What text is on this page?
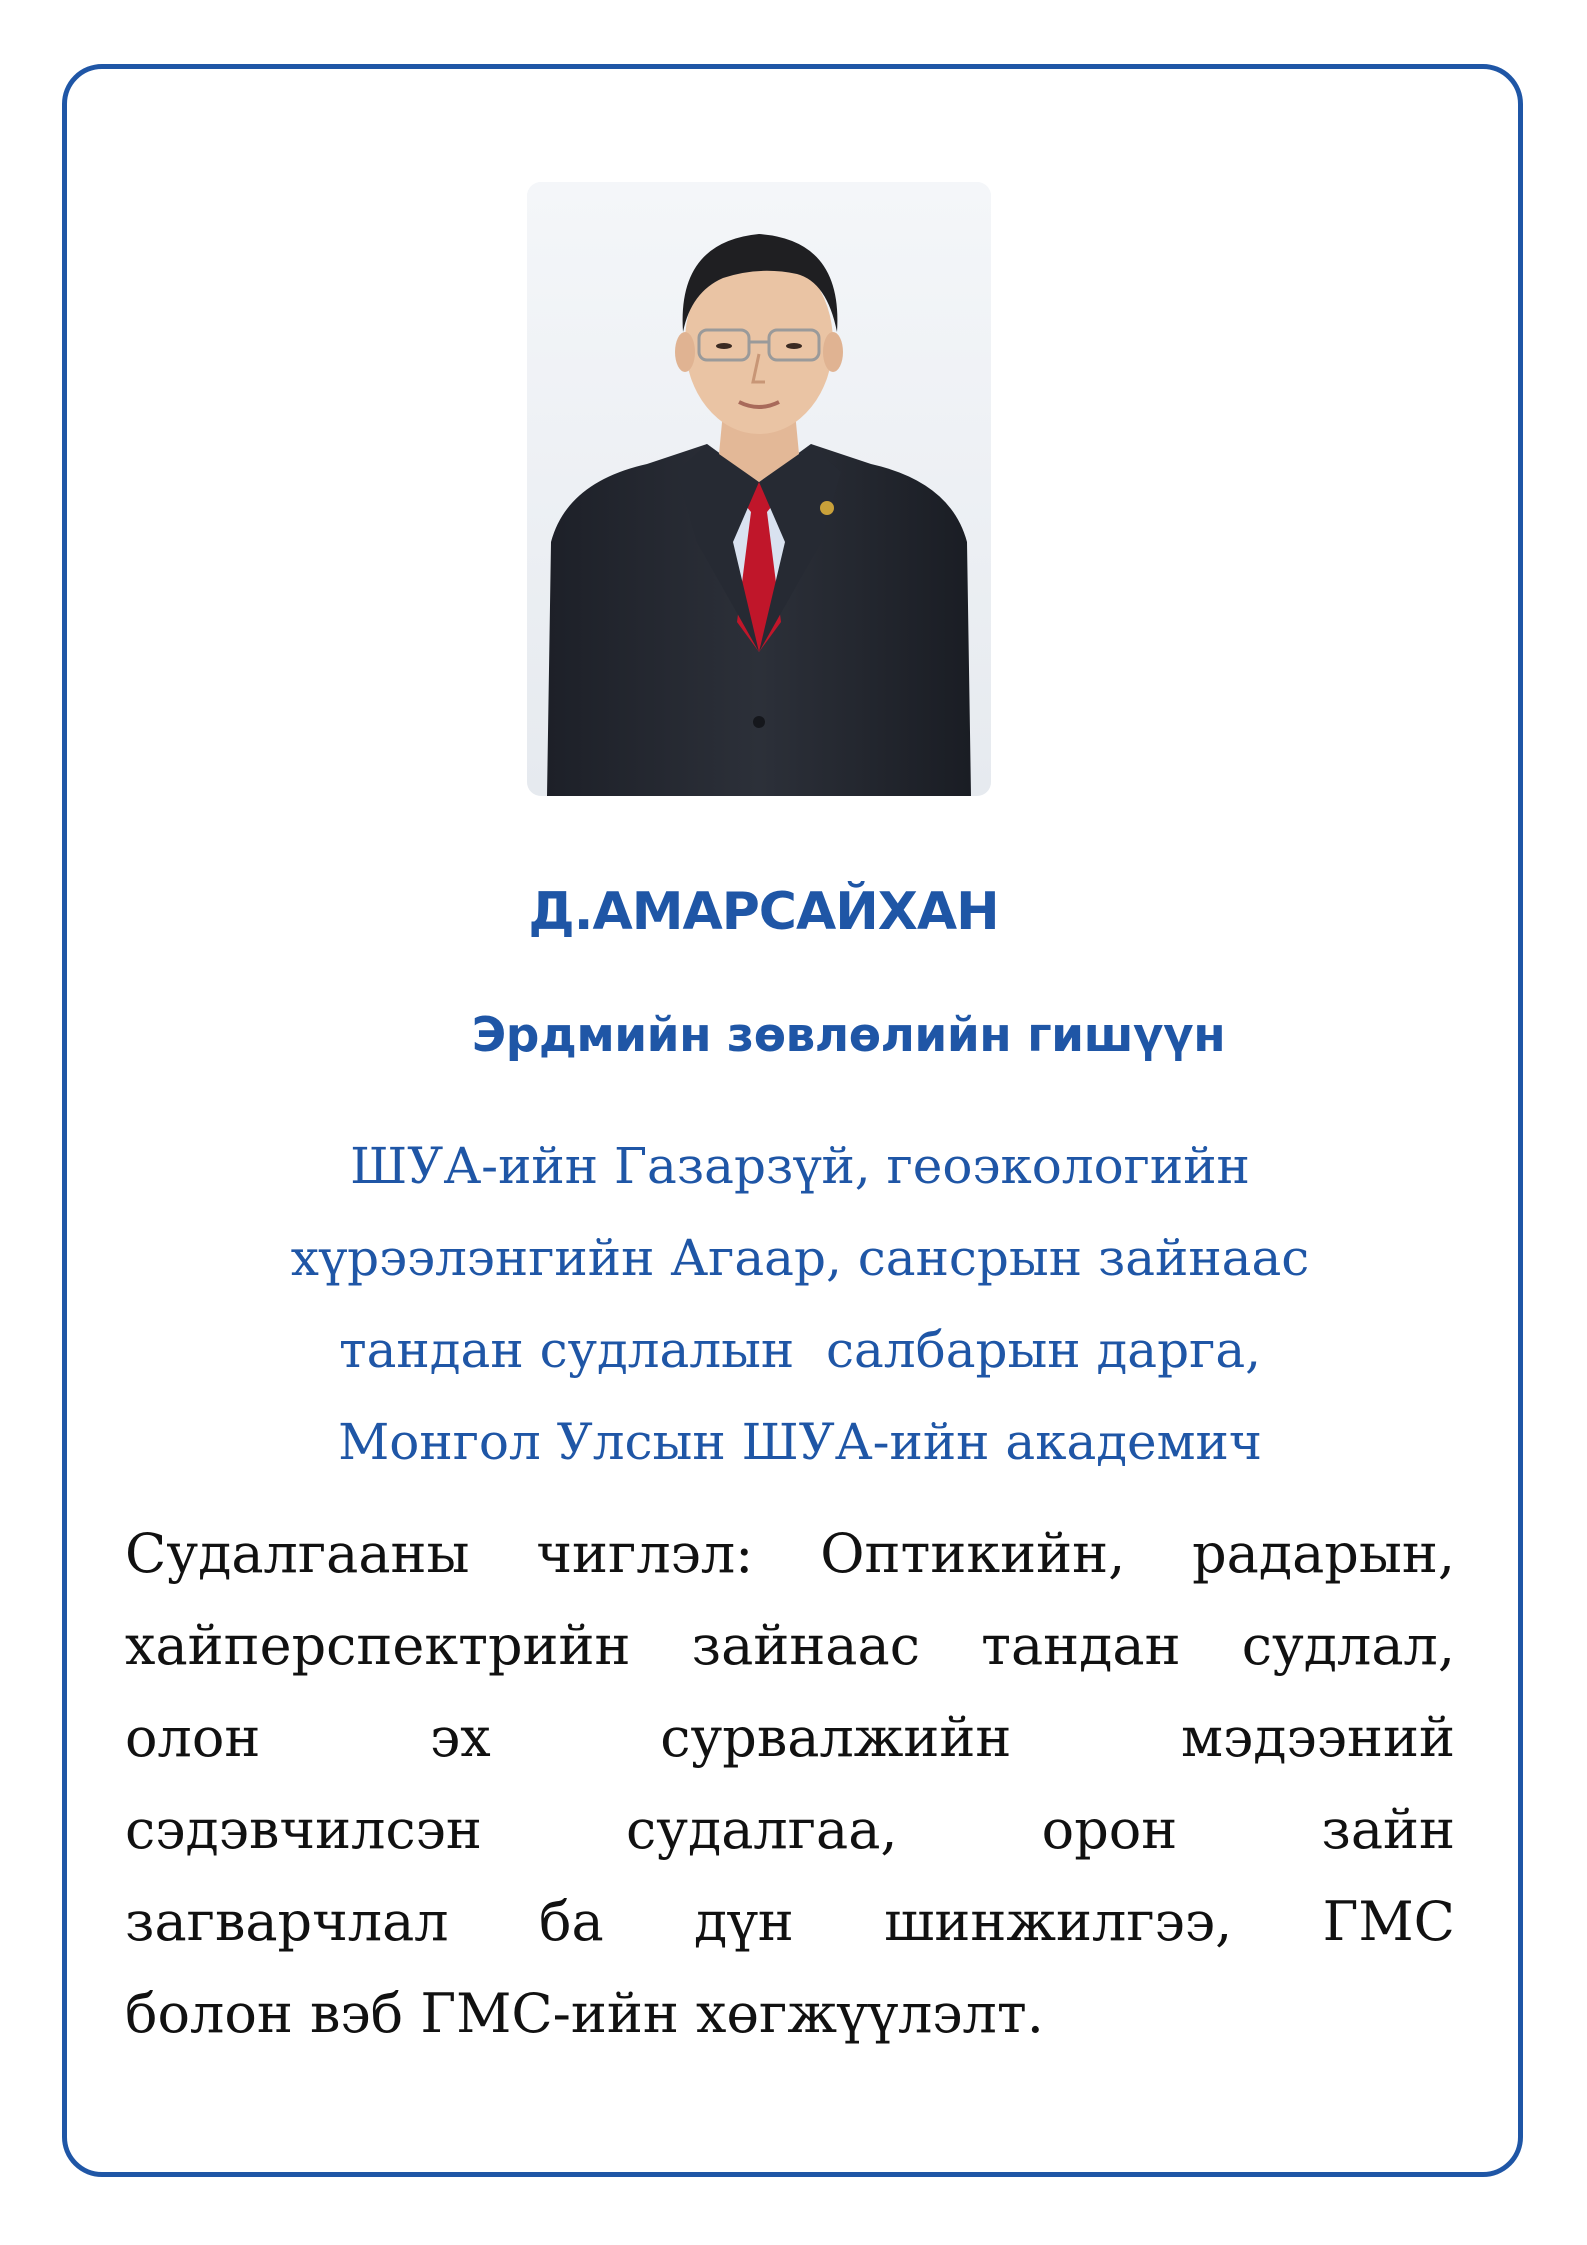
Д.АМАРСАЙХАН
Эрдмийн зөвлөлийн гишүүн
ШУА-ийн Газарзүй, геоэкологийн
хүрээлэнгийн Агаар, сансрын зайнаас
тандан судлалын  салбарын дарга,
Монгол Улсын ШУА-ийн академич
Судалгааны чиглэл: Оптикийн, радарын,
хайперспектрийн зайнаас тандан судлал,
олон эх сурвалжийн мэдээний
сэдэвчилсэн судалгаа, орон зайн
загварчлал ба дүн шинжилгээ, ГМС
болон вэб ГМС-ийн хөгжүүлэлт.
